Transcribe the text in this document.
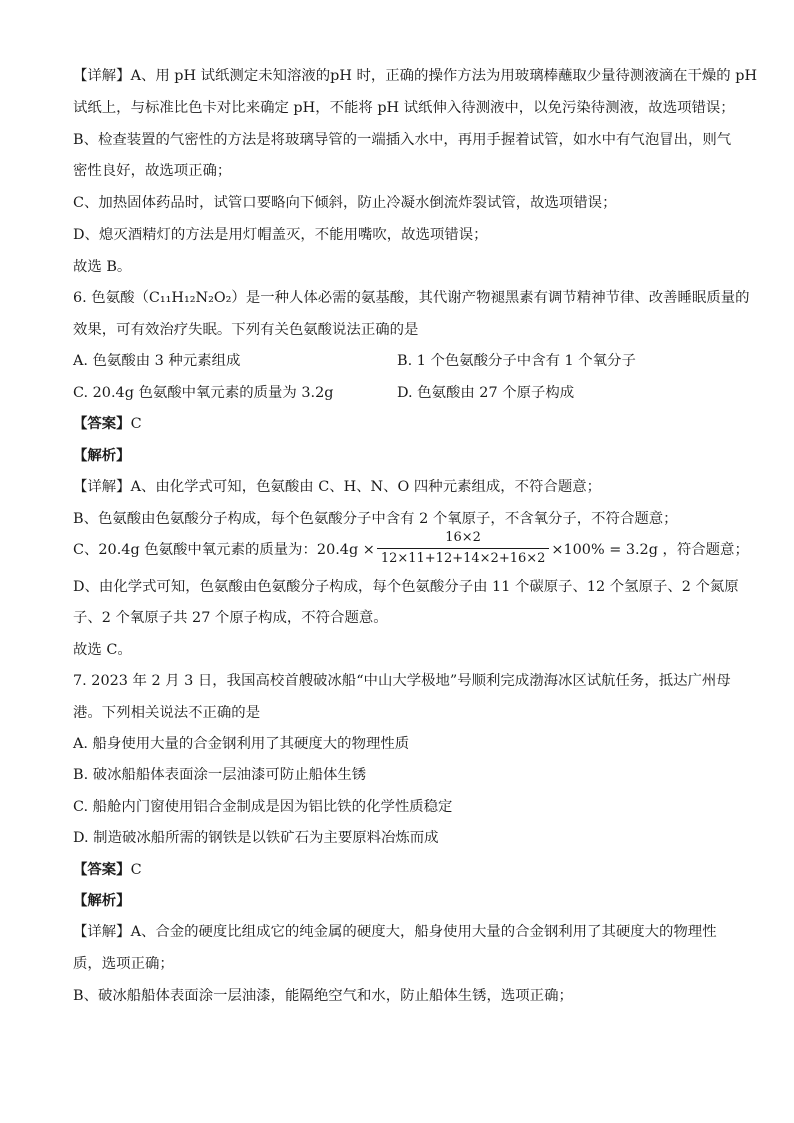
【详解】A、用 pH 试纸测定未知溶液的pH 时，正确的操作方法为用玻璃棒蘸取少量待测液滴在干燥的 pH
试纸上，与标准比色卡对比来确定 pH，不能将 pH 试纸伸入待测液中，以免污染待测液，故选项错误；
B、检查装置的气密性的方法是将玻璃导管的一端插入水中，再用手握着试管，如水中有气泡冒出，则气
密性良好，故选项正确；
C、加热固体药品时，试管口要略向下倾斜，防止冷凝水倒流炸裂试管，故选项错误；
D、熄灭酒精灯的方法是用灯帽盖灭，不能用嘴吹，故选项错误；
故选 B。
6. 色氨酸（C₁₁H₁₂N₂O₂）是一种人体必需的氨基酸，其代谢产物褪黑素有调节精神节律、改善睡眠质量的
效果，可有效治疗失眠。下列有关色氨酸说法正确的是
A. 色氨酸由 3 种元素组成	B. 1 个色氨酸分子中含有 1 个氧分子
C. 20.4g 色氨酸中氧元素的质量为 3.2g	D. 色氨酸由 27 个原子构成
【答案】C
【解析】
【详解】A、由化学式可知，色氨酸由 C、H、N、O 四种元素组成，不符合题意；
B、色氨酸由色氨酸分子构成，每个色氨酸分子中含有 2 个氧原子，不含氧分子，不符合题意；
C、20.4g 色氨酸中氧元素的质量为：$20.4g \times \frac{16\times 2}{12\times 11+12+14\times 2+16\times 2} \times 100\% = 3.2g$ ，符合题意；
D、由化学式可知，色氨酸由色氨酸分子构成，每个色氨酸分子由 11 个碳原子、12 个氢原子、2 个氮原
子、2 个氧原子共 27 个原子构成，不符合题意。
故选 C。
7. 2023 年 2 月 3 日，我国高校首艘破冰船“中山大学极地”号顺利完成渤海冰区试航任务，抵达广州母
港。下列相关说法不正确的是
A. 船身使用大量的合金钢利用了其硬度大的物理性质
B. 破冰船船体表面涂一层油漆可防止船体生锈
C. 船舱内门窗使用铝合金制成是因为铝比铁的化学性质稳定
D. 制造破冰船所需的钢铁是以铁矿石为主要原料冶炼而成
【答案】C
【解析】
【详解】A、合金的硬度比组成它的纯金属的硬度大，船身使用大量的合金钢利用了其硬度大的物理性
质，选项正确；
B、破冰船船体表面涂一层油漆，能隔绝空气和水，防止船体生锈，选项正确；
